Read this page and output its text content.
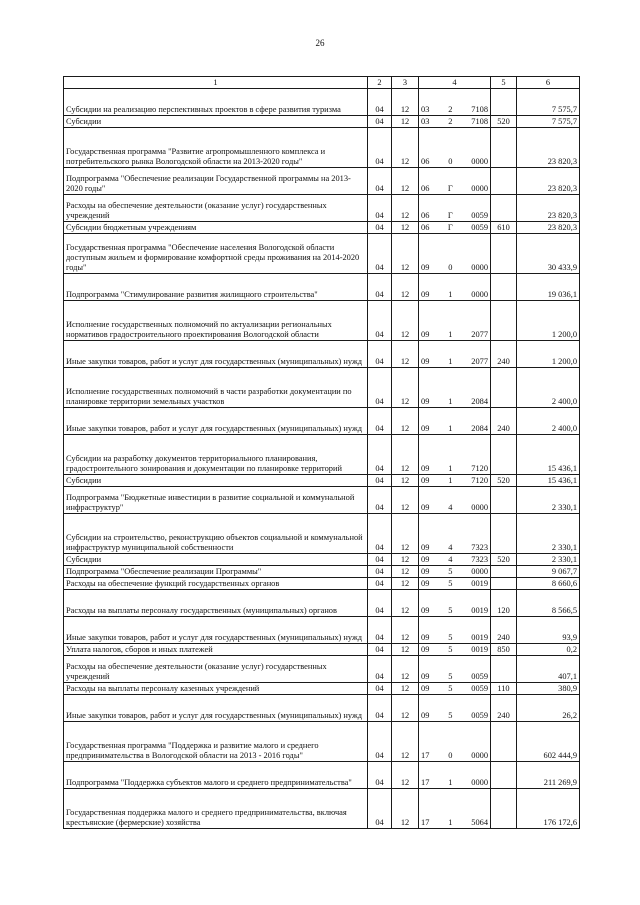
26
1	2	3	4	5	6
Субсидии на реализацию перспективных проектов в сфере развития туризма	04	12	03 2 7108		7 575,7
Субсидии	04	12	03 2 7108	520	7 575,7
Государственная программа "Развитие агропромышленного комплекса и потребительского рынка Вологодской области на 2013-2020 годы"	04	12	06 0 0000		23 820,3
Подпрограмма "Обеспечение реализации Государственной программы на 2013-2020 годы"	04	12	06 Г 0000		23 820,3
Расходы на обеспечение деятельности (оказание услуг) государственных учреждений	04	12	06 Г 0059		23 820,3
Субсидии бюджетным учреждениям	04	12	06 Г 0059	610	23 820,3
Государственная программа "Обеспечение населения Вологодской области доступным жильем и формирование комфортной среды проживания на 2014-2020 годы"	04	12	09 0 0000		30 433,9
Подпрограмма "Стимулирование развития жилищного строительства"	04	12	09 1 0000		19 036,1
Исполнение государственных полномочий по актуализации региональных нормативов градостроительного проектирования Вологодской области	04	12	09 1 2077		1 200,0
Иные закупки товаров, работ и услуг для государственных (муниципальных) нужд	04	12	09 1 2077	240	1 200,0
Исполнение государственных полномочий в части разработки документации по планировке территории земельных участков	04	12	09 1 2084		2 400,0
Иные закупки товаров, работ и услуг для государственных (муниципальных) нужд	04	12	09 1 2084	240	2 400,0
Субсидии на разработку документов территориального планирования, градостроительного зонирования и документации по планировке территорий	04	12	09 1 7120		15 436,1
Субсидии	04	12	09 1 7120	520	15 436,1
Подпрограмма "Бюджетные инвестиции в развитие социальной и коммунальной инфраструктур"	04	12	09 4 0000		2 330,1
Субсидии на строительство, реконструкцию объектов социальной и коммунальной инфраструктур муниципальной собственности	04	12	09 4 7323		2 330,1
Субсидии	04	12	09 4 7323	520	2 330,1
Подпрограмма "Обеспечение реализации Программы"	04	12	09 5 0000		9 067,7
Расходы на обеспечение функций государственных органов	04	12	09 5 0019		8 660,6
Расходы на выплаты персоналу государственных (муниципальных) органов	04	12	09 5 0019	120	8 566,5
Иные закупки товаров, работ и услуг для государственных (муниципальных) нужд	04	12	09 5 0019	240	93,9
Уплата налогов, сборов и иных платежей	04	12	09 5 0019	850	0,2
Расходы на обеспечение деятельности (оказание услуг) государственных учреждений	04	12	09 5 0059		407,1
Расходы на выплаты персоналу казенных учреждений	04	12	09 5 0059	110	380,9
Иные закупки товаров, работ и услуг для государственных (муниципальных) нужд	04	12	09 5 0059	240	26,2
Государственная программа "Поддержка и развитие малого и среднего предпринимательства в Вологодской области на 2013 - 2016 годы"	04	12	17 0 0000		602 444,9
Подпрограмма "Поддержка субъектов малого и среднего предпринимательства"	04	12	17 1 0000		211 269,9
Государственная поддержка малого и среднего предпринимательства, включая крестьянские (фермерские) хозяйства	04	12	17 1 5064		176 172,6
